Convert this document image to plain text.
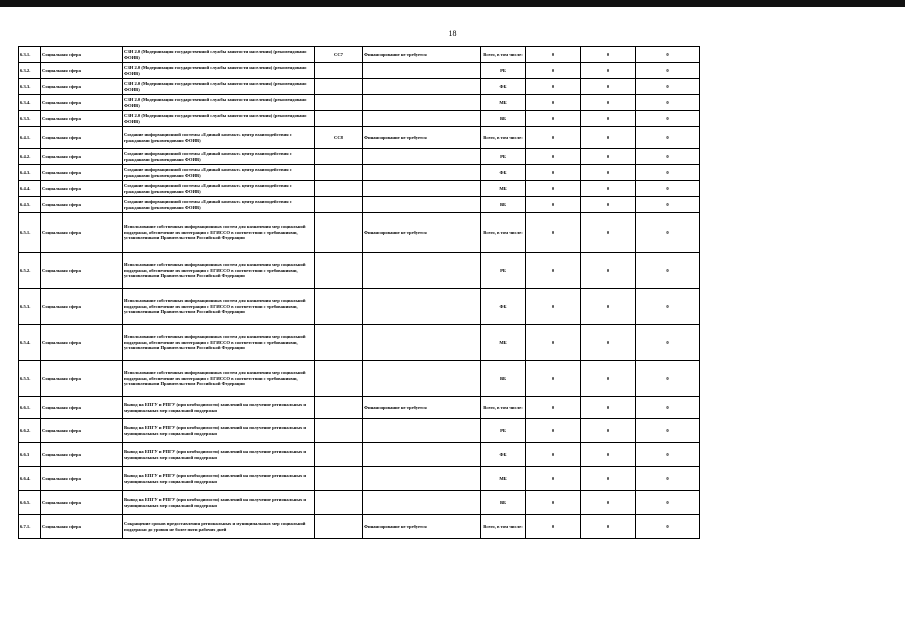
18
6.3.1.	Социальная сфера	СЗН 2.0 (Модернизация государственной службы занятости населения) (рекомендовано ФОИВ)	СС7	Финансирование не требуется	Всего, в том числе:	0	0	0
6.3.2.	Социальная сфера	СЗН 2.0 (Модернизация государственной службы занятости населения) (рекомендовано ФОИВ)			РБ	0	0	0
6.3.3.	Социальная сфера	СЗН 2.0 (Модернизация государственной службы занятости населения) (рекомендовано ФОИВ)			ФБ	0	0	0
6.3.4.	Социальная сфера	СЗН 2.0 (Модернизация государственной службы занятости населения) (рекомендовано ФОИВ)			МБ	0	0	0
6.3.5.	Социальная сфера	СЗН 2.0 (Модернизация государственной службы занятости населения) (рекомендовано ФОИВ)			ВБ	0	0	0
6.4.1.	Социальная сфера	Создание информационной системы «Единый контакт» центр взаимодействия с гражданами (рекомендовано ФОИВ)	СС8	Финансирование не требуется	Всего, в том числе:	0	0	0
6.4.2.	Социальная сфера	Создание информационной системы «Единый контакт» центр взаимодействия с гражданами (рекомендовано ФОИВ)			РБ	0	0	0
6.4.3.	Социальная сфера	Создание информационной системы «Единый контакт» центр взаимодействия с гражданами (рекомендовано ФОИВ)			ФБ	0	0	0
6.4.4.	Социальная сфера	Создание информационной системы «Единый контакт» центр взаимодействия с гражданами (рекомендовано ФОИВ)			МБ	0	0	0
6.4.5.	Социальная сфера	Создание информационной системы «Единый контакт» центр взаимодействия с гражданами (рекомендовано ФОИВ)			ВБ	0	0	0
6.5.1.	Социальная сфера	Использование собственных информационных систем для назначения мер социальной поддержки, обеспечение их интеграции с ЕГИССО в соответствии с требованиями, установленными Правительством Российской Федерации		Финансирование не требуется	Всего, в том числе:	0	0	0
6.5.2.	Социальная сфера	Использование собственных информационных систем для назначения мер социальной поддержки, обеспечение их интеграции с ЕГИССО в соответствии с требованиями, установленными Правительством Российской Федерации			РБ	0	0	0
6.5.3.	Социальная сфера	Использование собственных информационных систем для назначения мер социальной поддержки, обеспечение их интеграции с ЕГИССО в соответствии с требованиями, установленными Правительством Российской Федерации			ФБ	0	0	0
6.5.4.	Социальная сфера	Использование собственных информационных систем для назначения мер социальной поддержки, обеспечение их интеграции с ЕГИССО в соответствии с требованиями, установленными Правительством Российской Федерации			МБ	0	0	0
6.5.5.	Социальная сфера	Использование собственных информационных систем для назначения мер социальной поддержки, обеспечение их интеграции с ЕГИССО в соответствии с требованиями, установленными Правительством Российской Федерации			ВБ	0	0	0
6.6.1.	Социальная сфера	Вывод на ЕПГУ и РПГУ (при необходимости) заявлений на получение региональных и муниципальных мер социальной поддержки		Финансирование не требуется	Всего, в том числе:	0	0	0
6.6.2.	Социальная сфера	Вывод на ЕПГУ и РПГУ (при необходимости) заявлений на получение региональных и муниципальных мер социальной поддержки			РБ	0	0	0
6.6.3	Социальная сфера	Вывод на ЕПГУ и РПГУ (при необходимости) заявлений на получение региональных и муниципальных мер социальной поддержки			ФБ	0	0	0
6.6.4.	Социальная сфера	Вывод на ЕПГУ и РПГУ (при необходимости) заявлений на получение региональных и муниципальных мер социальной поддержки			МБ	0	0	0
6.6.5.	Социальная сфера	Вывод на ЕПГУ и РПГУ (при необходимости) заявлений на получение региональных и муниципальных мер социальной поддержки			ВБ	0	0	0
6.7.1.	Социальная сфера	Сокращение сроков предоставления региональных и муниципальных мер социальной поддержки до уровня не более пяти рабочих дней		Финансирование не требуется	Всего, в том числе:	0	0	0
